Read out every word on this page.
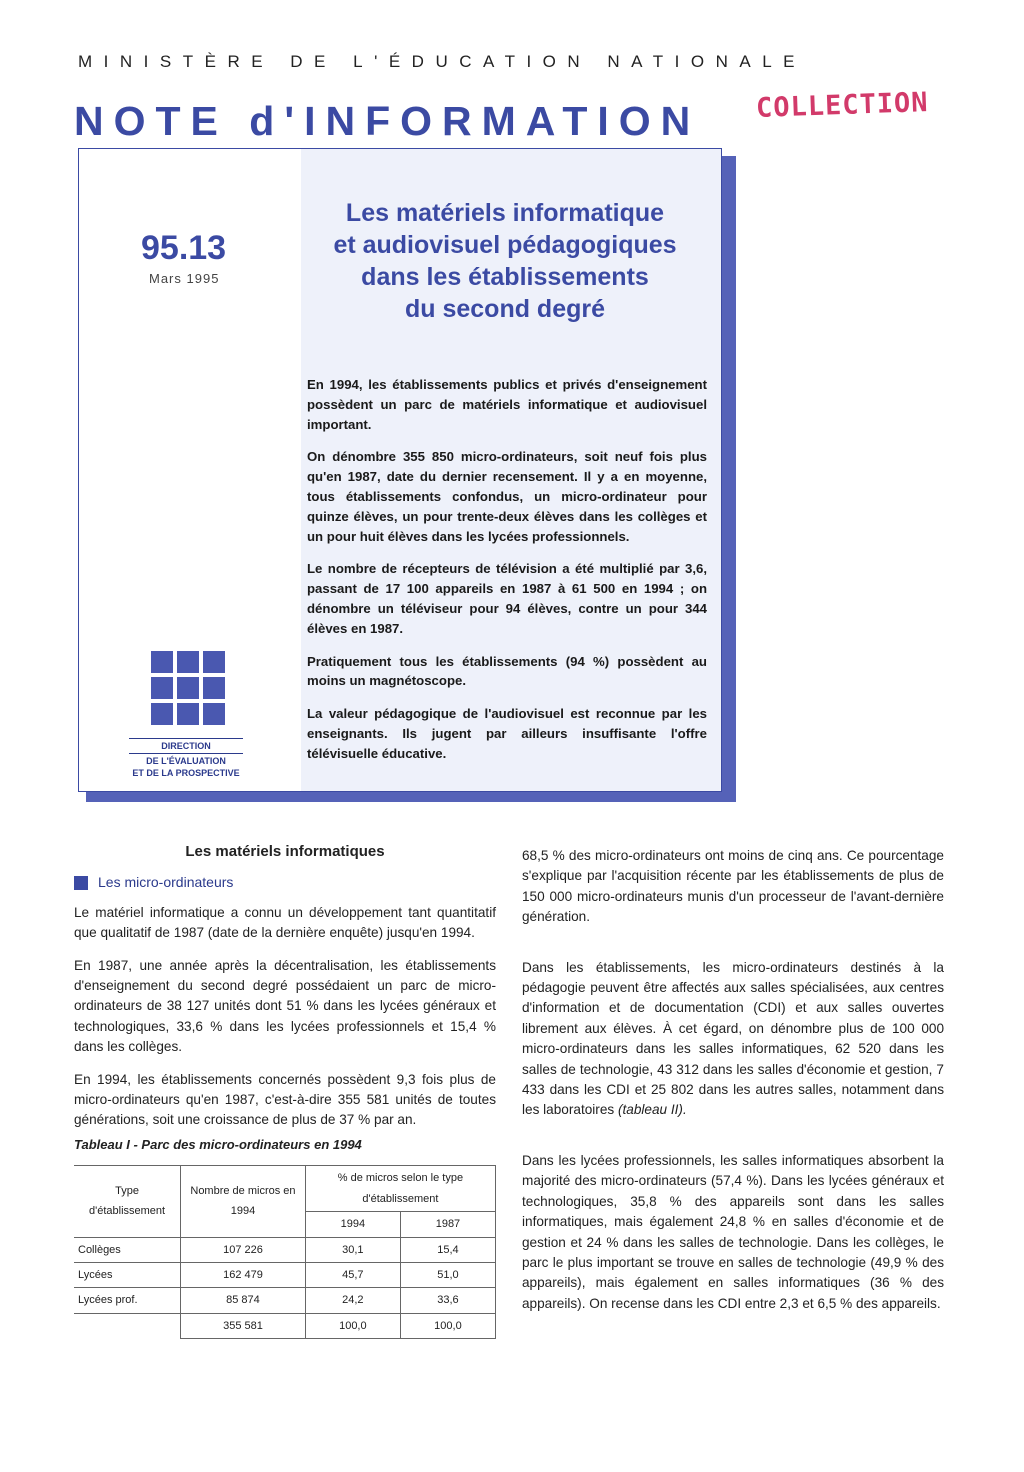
MINISTÈRE DE L'ÉDUCATION NATIONALE
NOTE d'INFORMATION COLLECTION
95.13
Mars 1995
Les matériels informatique
et audiovisuel pédagogiques
dans les établissements
du second degré

En 1994, les établissements publics et privés d'enseignement possèdent un parc de matériels informatique et audiovisuel important.

On dénombre 355 850 micro-ordinateurs, soit neuf fois plus qu'en 1987, date du dernier recensement. Il y a en moyenne, tous établissements confondus, un micro-ordinateur pour quinze élèves, un pour trente-deux élèves dans les collèges et un pour huit élèves dans les lycées professionnels.

Le nombre de récepteurs de télévision a été multiplié par 3,6, passant de 17 100 appareils en 1987 à 61 500 en 1994 ; on dénombre un téléviseur pour 94 élèves, contre un pour 344 élèves en 1987.

Pratiquement tous les établissements (94 %) possèdent au moins un magnétoscope.

La valeur pédagogique de l'audiovisuel est reconnue par les enseignants. Ils jugent par ailleurs insuffisante l'offre télévisuelle éducative.

DIRECTION
DE L'ÉVALUATION
ET DE LA PROSPECTIVE
Les matériels informatiques
Les micro-ordinateurs

Le matériel informatique a connu un développement tant quantitatif que qualitatif de 1987 (date de la dernière enquête) jusqu'en 1994.

En 1987, une année après la décentralisation, les établissements d'enseignement du second degré possédaient un parc de micro-ordinateurs de 38 127 unités dont 51 % dans les lycées généraux et technologiques, 33,6 % dans les lycées professionnels et 15,4 % dans les collèges.

En 1994, les établissements concernés possèdent 9,3 fois plus de micro-ordinateurs qu'en 1987, c'est-à-dire 355 581 unités de toutes générations, soit une croissance de plus de 37 % par an.

Tableau I - Parc des micro-ordinateurs en 1994
Type d'établissement	Nombre de micros en 1994	% de micros selon le type d'établissement	
		1994	1987
Collèges	107 226	30,1	15,4
Lycées	162 479	45,7	51,0
Lycées prof.	85 874	24,2	33,6
	355 581	100,0	100,0

68,5 % des micro-ordinateurs ont moins de cinq ans. Ce pourcentage s'explique par l'acquisition récente par les établissements de plus de 150 000 micro-ordinateurs munis d'un processeur de l'avant-dernière génération.

Dans les établissements, les micro-ordinateurs destinés à la pédagogie peuvent être affectés aux salles spécialisées, aux centres d'information et de documentation (CDI) et aux salles ouvertes librement aux élèves. À cet égard, on dénombre plus de 100 000 micro-ordinateurs dans les salles informatiques, 62 520 dans les salles de technologie, 43 312 dans les salles d'économie et gestion, 7 433 dans les CDI et 25 802 dans les autres salles, notamment dans les laboratoires (tableau II).

Dans les lycées professionnels, les salles informatiques absorbent la majorité des micro-ordinateurs (57,4 %). Dans les lycées généraux et technologiques, 35,8 % des appareils sont dans les salles informatiques, mais également 24,8 % en salles d'économie et de gestion et 24 % dans les salles de technologie. Dans les collèges, le parc le plus important se trouve en salles de technologie (49,9 % des appareils), mais également en salles informatiques (36 % des appareils). On recense dans les CDI entre 2,3 et 6,5 % des appareils.
